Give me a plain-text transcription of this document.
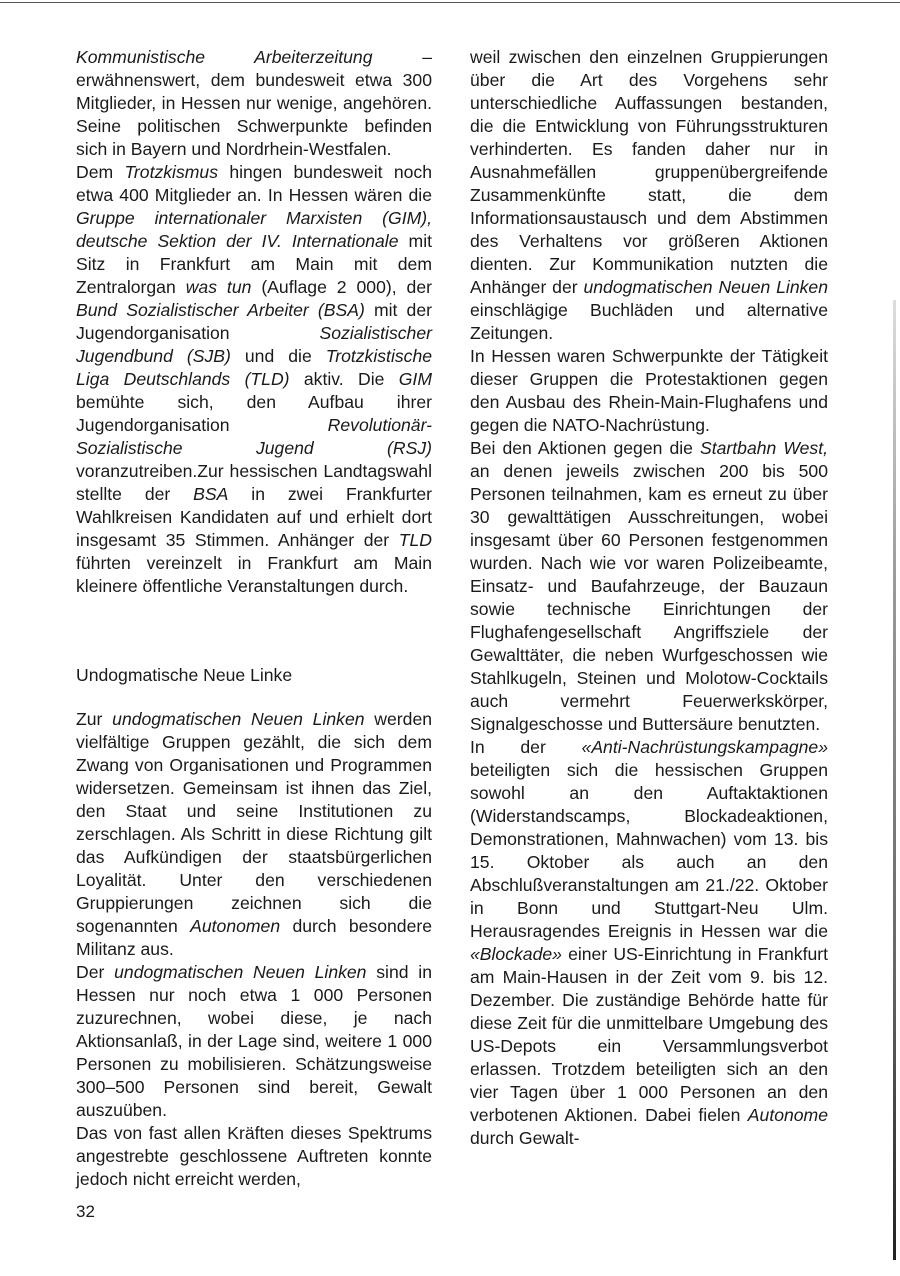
Kommunistische Arbeiterzeitung – erwähnenswert, dem bundesweit etwa 300 Mitglieder, in Hessen nur wenige, angehören. Seine politischen Schwerpunkte befinden sich in Bayern und Nordrhein-Westfalen.

Dem Trotzkismus hingen bundesweit noch etwa 400 Mitglieder an. In Hessen wären die Gruppe internationaler Marxisten (GIM), deutsche Sektion der IV. Internationale mit Sitz in Frankfurt am Main mit dem Zentralorgan was tun (Auflage 2 000), der Bund Sozialistischer Arbeiter (BSA) mit der Jugendorganisation Sozialistischer Jugendbund (SJB) und die Trotzkistische Liga Deutschlands (TLD) aktiv. Die GIM bemühte sich, den Aufbau ihrer Jugendorganisation Revolutionär-Sozialistische Jugend (RSJ) voranzutreiben.Zur hessischen Landtagswahl stellte der BSA in zwei Frankfurter Wahlkreisen Kandidaten auf und erhielt dort insgesamt 35 Stimmen. Anhänger der TLD führten vereinzelt in Frankfurt am Main kleinere öffentliche Veranstaltungen durch.

Undogmatische Neue Linke

Zur undogmatischen Neuen Linken werden vielfältige Gruppen gezählt, die sich dem Zwang von Organisationen und Programmen widersetzen. Gemeinsam ist ihnen das Ziel, den Staat und seine Institutionen zu zerschlagen. Als Schritt in diese Richtung gilt das Aufkündigen der staatsbürgerlichen Loyalität. Unter den verschiedenen Gruppierungen zeichnen sich die sogenannten Autonomen durch besondere Militanz aus.

Der undogmatischen Neuen Linken sind in Hessen nur noch etwa 1 000 Personen zuzurechnen, wobei diese, je nach Aktionsanlaß, in der Lage sind, weitere 1 000 Personen zu mobilisieren. Schätzungsweise 300–500 Personen sind bereit, Gewalt auszuüben.

Das von fast allen Kräften dieses Spektrums angestrebte geschlossene Auftreten konnte jedoch nicht erreicht werden,

weil zwischen den einzelnen Gruppierungen über die Art des Vorgehens sehr unterschiedliche Auffassungen bestanden, die die Entwicklung von Führungsstrukturen verhinderten. Es fanden daher nur in Ausnahmefällen gruppenübergreifende Zusammenkünfte statt, die dem Informationsaustausch und dem Abstimmen des Verhaltens vor größeren Aktionen dienten. Zur Kommunikation nutzten die Anhänger der undogmatischen Neuen Linken einschlägige Buchläden und alternative Zeitungen.

In Hessen waren Schwerpunkte der Tätigkeit dieser Gruppen die Protestaktionen gegen den Ausbau des Rhein-Main-Flughafens und gegen die NATO-Nachrüstung.

Bei den Aktionen gegen die Startbahn West, an denen jeweils zwischen 200 bis 500 Personen teilnahmen, kam es erneut zu über 30 gewalttätigen Ausschreitungen, wobei insgesamt über 60 Personen festgenommen wurden. Nach wie vor waren Polizeibeamte, Einsatz- und Baufahrzeuge, der Bauzaun sowie technische Einrichtungen der Flughafengesellschaft Angriffsziele der Gewalttäter, die neben Wurfgeschossen wie Stahlkugeln, Steinen und Molotow-Cocktails auch vermehrt Feuerwerkskörper, Signalgeschosse und Buttersäure benutzten.

In der «Anti-Nachrüstungskampagne» beteiligten sich die hessischen Gruppen sowohl an den Auftaktaktionen (Widerstandscamps, Blockadeaktionen, Demonstrationen, Mahnwachen) vom 13. bis 15. Oktober als auch an den Abschlußveranstaltungen am 21./22. Oktober in Bonn und Stuttgart-Neu Ulm. Herausragendes Ereignis in Hessen war die «Blockade» einer US-Einrichtung in Frankfurt am Main-Hausen in der Zeit vom 9. bis 12. Dezember. Die zuständige Behörde hatte für diese Zeit für die unmittelbare Umgebung des US-Depots ein Versammlungsverbot erlassen. Trotzdem beteiligten sich an den vier Tagen über 1 000 Personen an den verbotenen Aktionen. Dabei fielen Autonome durch Gewalt-

32
